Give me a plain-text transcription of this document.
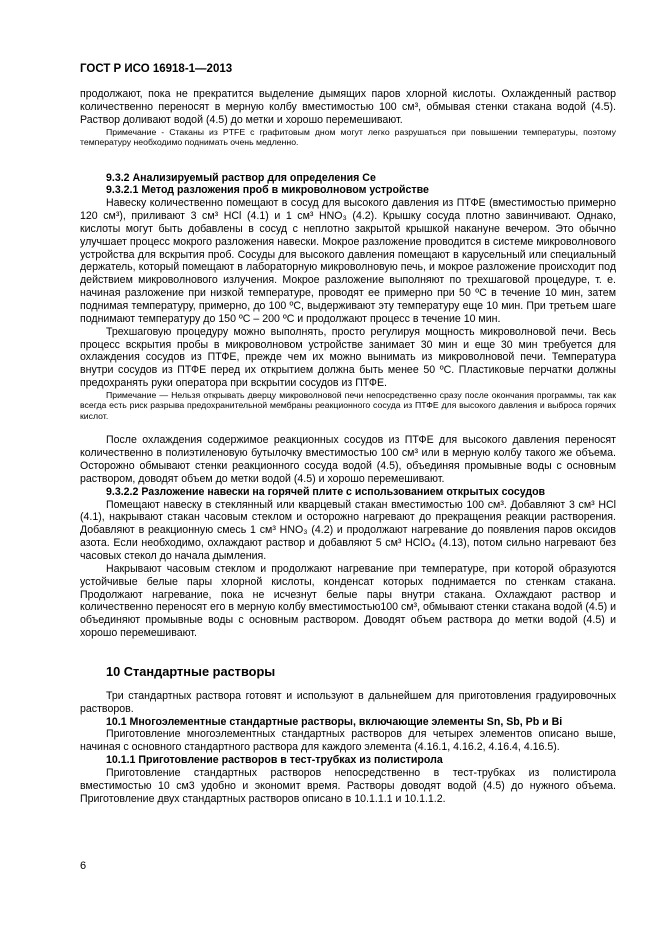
ГОСТ Р ИСО 16918-1—2013

продолжают, пока не прекратится выделение дымящих паров хлорной кислоты. Охлажденный раствор количественно переносят в мерную колбу вместимостью 100 см³, обмывая стенки стакана водой (4.5). Раствор доливают водой (4.5) до метки и хорошо перемешивают.

Примечание - Стаканы из PTFE с графитовым дном могут легко разрушаться при повышении температуры, поэтому температуру необходимо поднимать очень медленно.

9.3.2 Анализируемый раствор для определения Се

9.3.2.1 Метод разложения проб в микроволновом устройстве

Навеску количественно помещают в сосуд для высокого давления из ПТФЕ (вместимостью примерно 120 см³), приливают 3 см³ HCl (4.1) и 1 см³ HNO₃ (4.2). Крышку сосуда плотно завинчивают. Однако, кислоты могут быть добавлены в сосуд с неплотно закрытой крышкой накануне вечером. Это обычно улучшает процесс мокрого разложения навески. Мокрое разложение проводится в системе микроволнового устройства для вскрытия проб. Сосуды для высокого давления помещают в карусельный или специальный держатель, который помещают в лабораторную микроволновую печь, и мокрое разложение происходит под действием микроволнового излучения. Мокрое разложение выполняют по трехшаговой процедуре, т. е. начиная разложение при низкой температуре, проводят ее примерно при 50 ºC в течение 10 мин, затем поднимая температуру, примерно, до 100 ºC, выдерживают эту температуру еще 10 мин. При третьем шаге поднимают температуру до 150 ºC – 200 ºC и продолжают процесс в течение 10 мин.

Трехшаговую процедуру можно выполнять, просто регулируя мощность микроволновой печи. Весь процесс вскрытия пробы в микроволновом устройстве занимает 30 мин и еще 30 мин требуется для охлаждения сосудов из ПТФЕ, прежде чем их можно вынимать из микроволновой печи. Температура внутри сосудов из ПТФЕ перед их открытием должна быть менее 50 ºC. Пластиковые перчатки должны предохранять руки оператора при вскрытии сосудов из ПТФЕ.

Примечание — Нельзя открывать дверцу микроволновой печи непосредственно сразу после окончания программы, так как всегда есть риск разрыва предохранительной мембраны реакционного сосуда из ПТФЕ для высокого давления и выброса горячих кислот.

После охлаждения содержимое реакционных сосудов из ПТФЕ для высокого давления переносят количественно в полиэтиленовую бутылочку вместимостью 100 см³ или в мерную колбу такого же объема. Осторожно обмывают стенки реакционного сосуда водой (4.5), объединяя промывные воды с основным раствором, доводят объем до метки водой (4.5) и хорошо перемешивают.

9.3.2.2 Разложение навески на горячей плите с использованием открытых сосудов

Помещают навеску в стеклянный или кварцевый стакан вместимостью 100 см³. Добавляют 3 см³ HCl (4.1), накрывают стакан часовым стеклом и осторожно нагревают до прекращения реакции растворения. Добавляют в реакционную смесь 1 см³ HNO₃ (4.2) и продолжают нагревание до появления паров оксидов азота. Если необходимо, охлаждают раствор и добавляют 5 см³ HClO₄ (4.13), потом сильно нагревают без часовых стекол до начала дымления.

Накрывают часовым стеклом и продолжают нагревание при температуре, при которой образуются устойчивые белые пары хлорной кислоты, конденсат которых поднимается по стенкам стакана. Продолжают нагревание, пока не исчезнут белые пары внутри стакана. Охлаждают раствор и количественно переносят его в мерную колбу вместимостью100 см³, обмывают стенки стакана водой (4.5) и объединяют промывные воды с основным раствором. Доводят объем раствора до метки водой (4.5) и хорошо перемешивают.

10 Стандартные растворы

Три стандартных раствора готовят и используют в дальнейшем для приготовления градуировочных растворов.

10.1 Многоэлементные стандартные растворы, включающие элементы Sn, Sb, Pb и Bi

Приготовление многоэлементных стандартных растворов для четырех элементов описано выше, начиная с основного стандартного раствора для каждого элемента (4.16.1, 4.16.2, 4.16.4, 4.16.5).

10.1.1 Приготовление растворов в тест-трубках из полистирола

Приготовление стандартных растворов непосредственно в тест-трубках из полистирола вместимостью 10 см3 удобно и экономит время. Растворы доводят водой (4.5) до нужного объема. Приготовление двух стандартных растворов описано в 10.1.1.1 и 10.1.1.2.

6
